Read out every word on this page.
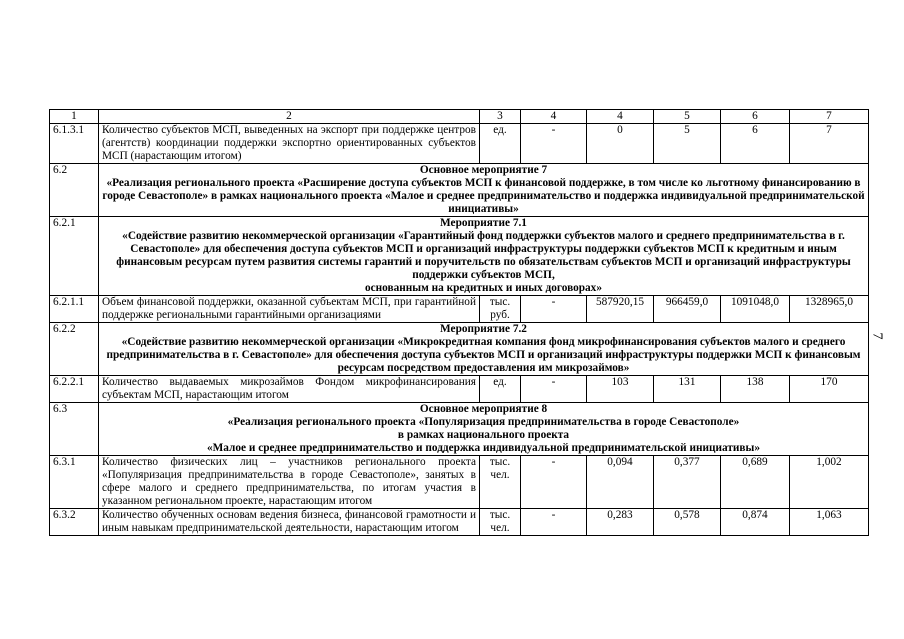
1	2	3	4	4	5	6	7
6.1.3.1	Количество субъектов МСП, выведенных на экспорт при поддержке центров (агентств) координации поддержки экспортно ориентированных субъектов МСП (нарастающим итогом)	ед.	-	0	5	6	7
6.2	Основное мероприятие 7
«Реализация регионального проекта «Расширение доступа субъектов МСП к финансовой поддержке, в том числе ко льготному финансированию в городе Севастополе» в рамках национального проекта «Малое и среднее предпринимательство и поддержка индивидуальной предпринимательской инициативы»						

6.2.1	Мероприятие 7.1
«Содействие развитию некоммерческой организации «Гарантийный фонд поддержки субъектов малого и среднего предпринимательства в г. Севастополе» для обеспечения доступа субъектов МСП и организаций инфраструктуры поддержки субъектов МСП к кредитным и иным финансовым ресурсам путем развития системы гарантий и поручительств по обязательствам субъектов МСП и организаций инфраструктуры поддержки субъектов МСП,
основанным на кредитных и иных договорах»						

6.2.1.1	Объем финансовой поддержки, оказанной субъектам МСП, при гарантийной поддержке региональными гарантийными организациями	тыс. руб.	-	587920,15	966459,0	1091048,0	1328965,0
6.2.2	Мероприятие 7.2
«Содействие развитию некоммерческой организации «Микрокредитная компания фонд микрофинансирования субъектов малого и среднего предпринимательства в г. Севастополе» для обеспечения доступа субъектов МСП и организаций инфраструктуры поддержки МСП к финансовым ресурсам посредством предоставления им микрозаймов»						

6.2.2.1	Количество выдаваемых микрозаймов Фондом микрофинансирования субъектам МСП, нарастающим итогом	ед.	-	103	131	138	170
6.3	Основное мероприятие 8
«Реализация регионального проекта «Популяризация предпринимательства в городе Севастополе»
в рамках национального проекта
«Малое и среднее предпринимательство и поддержка индивидуальной предпринимательской инициативы»						

6.3.1	Количество физических лиц – участников регионального проекта «Популяризация предпринимательства в городе Севастополе», занятых в сфере малого и среднего предпринимательства, по итогам участия в указанном региональном проекте, нарастающим итогом	тыс. чел.	-	0,094	0,377	0,689	1,002
6.3.2	Количество обученных основам ведения бизнеса, финансовой грамотности и иным навыкам предпринимательской деятельности, нарастающим итогом	тыс. чел.	-	0,283	0,578	0,874	1,063
7
